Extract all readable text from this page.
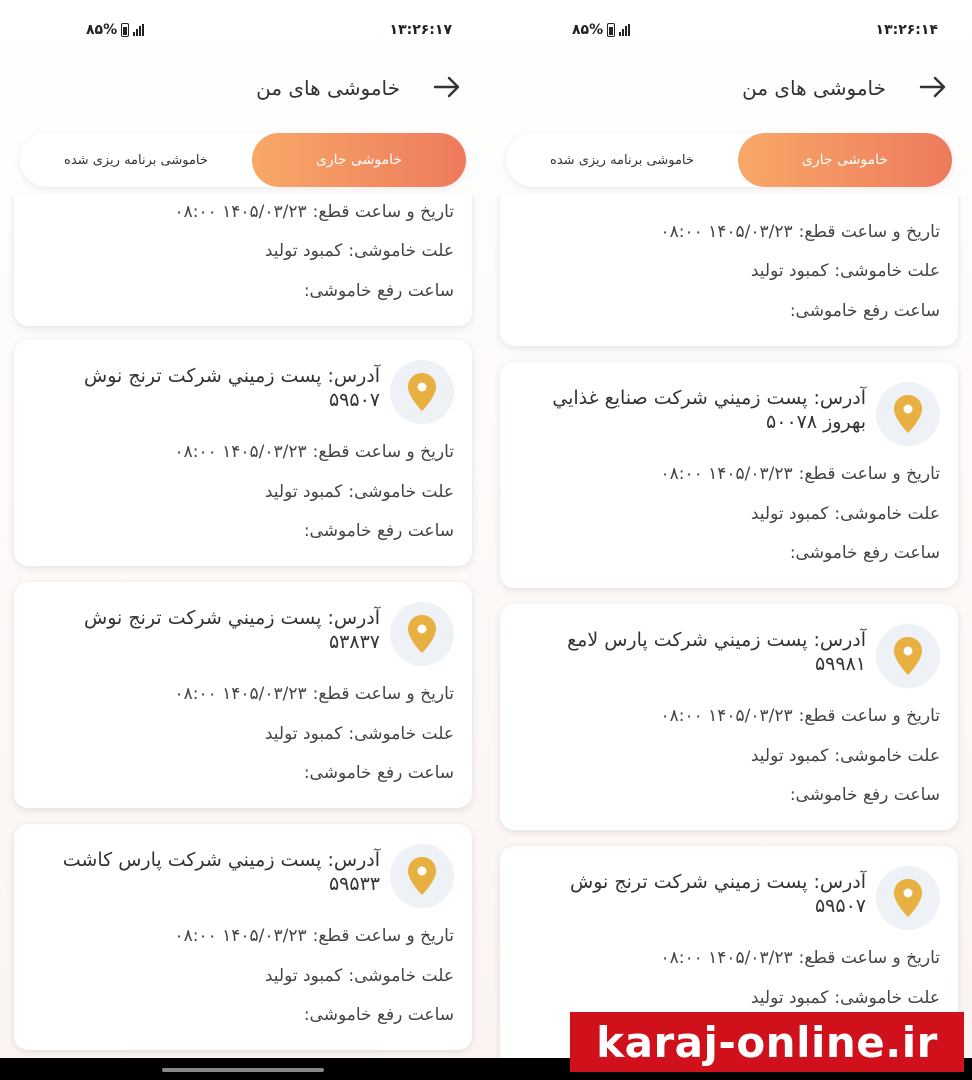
۸۵%	۱۳:۲۶:۱۷
خاموشی های من
خاموشی جاری
خاموشی برنامه ریزی شده
تاریخ و ساعت قطع:۱۴۰۵/۰۳/۲۳ ۰۸:۰۰
علت خاموشی:کمبود تولید
ساعت رفع خاموشی:
آدرس: پست زميني شركت ترنج نوش ۵۹۵۰۷
تاریخ و ساعت قطع:۱۴۰۵/۰۳/۲۳ ۰۸:۰۰
علت خاموشی:کمبود تولید
ساعت رفع خاموشی:
آدرس: پست زميني شركت ترنج نوش ۵۳۸۳۷
تاریخ و ساعت قطع:۱۴۰۵/۰۳/۲۳ ۰۸:۰۰
علت خاموشی:کمبود تولید
ساعت رفع خاموشی:
آدرس: پست زميني شركت پارس كاشت ۵۹۵۳۳
تاریخ و ساعت قطع:۱۴۰۵/۰۳/۲۳ ۰۸:۰۰
علت خاموشی:کمبود تولید
ساعت رفع خاموشی:
۸۵%	۱۳:۲۶:۱۴
خاموشی های من
خاموشی جاری
خاموشی برنامه ریزی شده
تاریخ و ساعت قطع:۱۴۰۵/۰۳/۲۳ ۰۸:۰۰
علت خاموشی:کمبود تولید
ساعت رفع خاموشی:
آدرس: پست زميني شركت صنايع غذايي بهروز ۵۰۰۷۸
تاریخ و ساعت قطع:۱۴۰۵/۰۳/۲۳ ۰۸:۰۰
علت خاموشی:کمبود تولید
ساعت رفع خاموشی:
آدرس: پست زميني شركت پارس لامع ۵۹۹۸۱
تاریخ و ساعت قطع:۱۴۰۵/۰۳/۲۳ ۰۸:۰۰
علت خاموشی:کمبود تولید
ساعت رفع خاموشی:
آدرس: پست زميني شركت ترنج نوش ۵۹۵۰۷
تاریخ و ساعت قطع:۱۴۰۵/۰۳/۲۳ ۰۸:۰۰
علت خاموشی:کمبود تولید
karaj-online.ir
